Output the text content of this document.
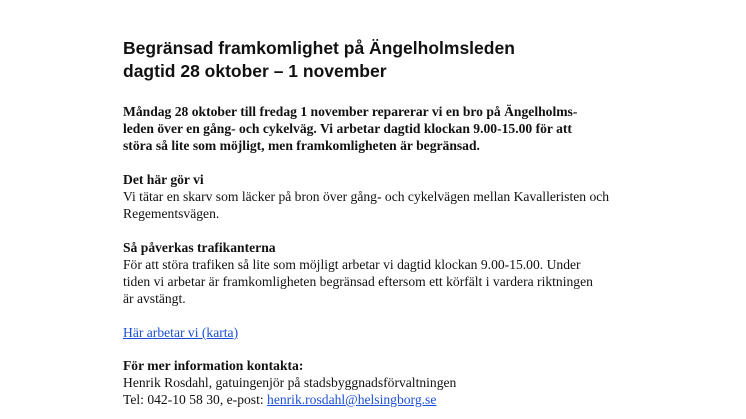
Begränsad framkomlighet på Ängelholmsleden
dagtid 28 oktober – 1 november

Måndag 28 oktober till fredag 1 november reparerar vi en bro på Ängelholms-
leden över en gång- och cykelväg. Vi arbetar dagtid klockan 9.00-15.00 för att
störa så lite som möjligt, men framkomligheten är begränsad.

Det här gör vi

Vi tätar en skarv som läcker på bron över gång- och cykelvägen mellan Kavalleristen och
Regementsvägen.

Så påverkas trafikanterna

För att störa trafiken så lite som möjligt arbetar vi dagtid klockan 9.00-15.00. Under
tiden vi arbetar är framkomligheten begränsad eftersom ett körfält i vardera riktningen
är avstängt.

Här arbetar vi (karta)

För mer information kontakta:

Henrik Rosdahl, gatuingenjör på stadsbyggnadsförvaltningen
Tel: 042-10 58 30, e-post: henrik.rosdahl@helsingborg.se
